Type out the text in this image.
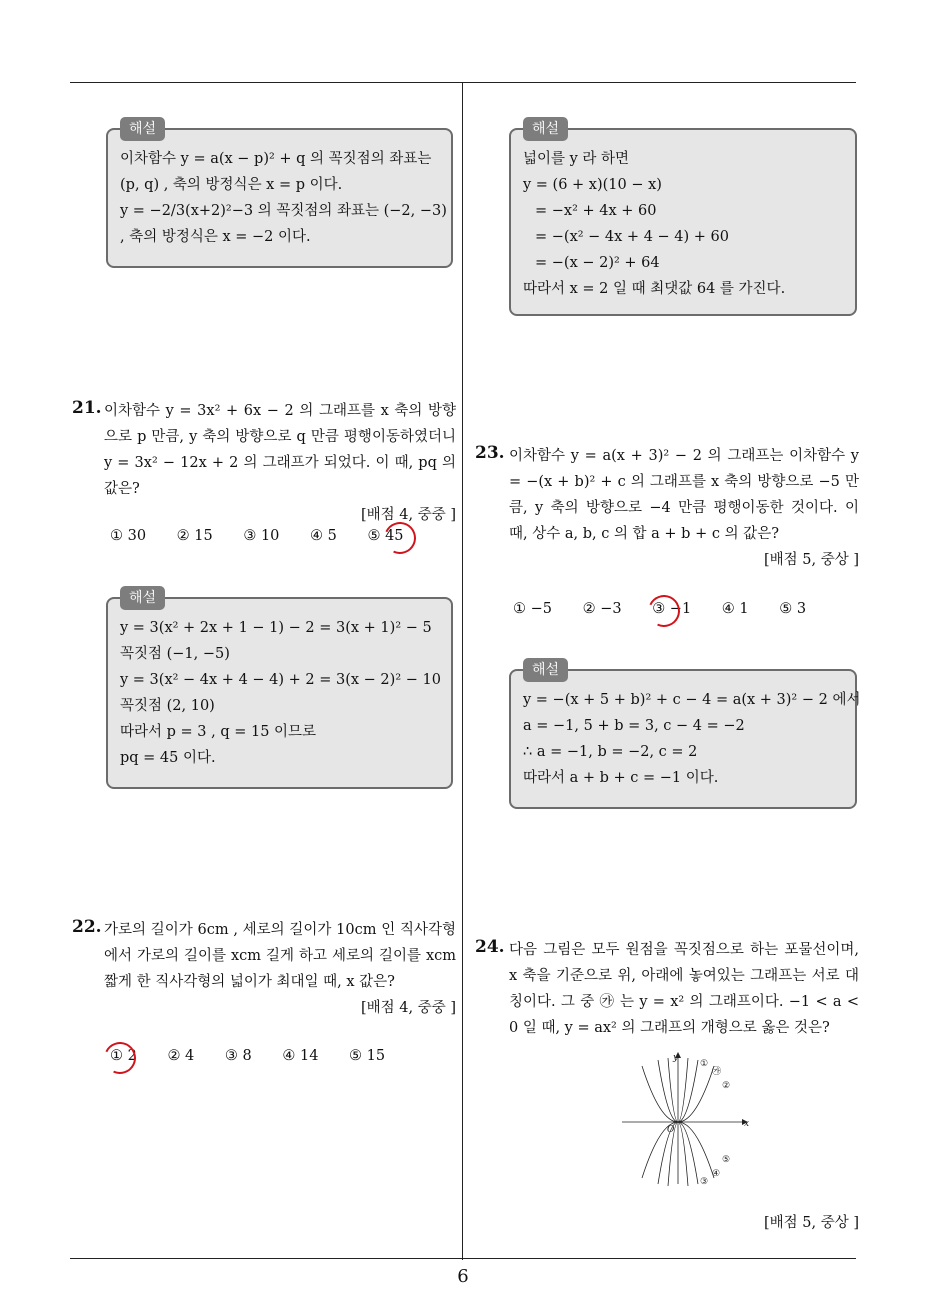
해설
이차함수 y = a(x − p)² + q 의 꼭짓점의 좌표는
(p, q) , 축의 방정식은 x = p 이다.
y = −2/3(x+2)²−3 의 꼭짓점의 좌표는 (−2, −3)
, 축의 방정식은 x = −2 이다.
21. 이차함수 y = 3x² + 6x − 2 의 그래프를 x 축의 방향으로 p 만큼, y 축의 방향으로 q 만큼 평행이동하였더니 y = 3x² − 12x + 2 의 그래프가 되었다. 이 때, pq 의 값은?
[배점 4, 중중 ]
① 30 ② 15 ③ 10 ④ 5 ⑤ 45
해설
y = 3(x² + 2x + 1 − 1) − 2 = 3(x + 1)² − 5
꼭짓점 (−1, −5)
y = 3(x² − 4x + 4 − 4) + 2 = 3(x − 2)² − 10
꼭짓점 (2, 10)
따라서 p = 3 , q = 15 이므로
pq = 45 이다.
22. 가로의 길이가 6cm , 세로의 길이가 10cm 인 직사각형에서 가로의 길이를 xcm 길게 하고 세로의 길이를 xcm 짧게 한 직사각형의 넓이가 최대일 때, x 값은?
[배점 4, 중중 ]
① 2 ② 4 ③ 8 ④ 14 ⑤ 15
해설
넓이를 y 라 하면
y = (6 + x)(10 − x)
= −x² + 4x + 60
= −(x² − 4x + 4 − 4) + 60
= −(x − 2)² + 64
따라서 x = 2 일 때 최댓값 64 를 가진다.
23. 이차함수 y = a(x + 3)² − 2 의 그래프는 이차함수 y = −(x + b)² + c 의 그래프를 x 축의 방향으로 −5 만큼, y 축의 방향으로 −4 만큼 평행이동한 것이다. 이 때, 상수 a, b, c 의 합 a + b + c 의 값은?
[배점 5, 중상 ]
① −5 ② −3 ③ −1 ④ 1 ⑤ 3
해설
y = −(x + 5 + b)² + c − 4 = a(x + 3)² − 2 에서
a = −1, 5 + b = 3, c − 4 = −2
∴ a = −1, b = −2, c = 2
따라서 a + b + c = −1 이다.
24. 다음 그림은 모두 원점을 꼭짓점으로 하는 포물선이며, x 축을 기준으로 위, 아래에 놓여있는 그래프는 서로 대칭이다. 그 중 ㉮ 는 y = x² 의 그래프이다. −1 < a < 0 일 때, y = ax² 의 그래프의 개형으로 옳은 것은?
x
y
O
①
㉮
②
③
④
⑤
[배점 5, 중상 ]
6
